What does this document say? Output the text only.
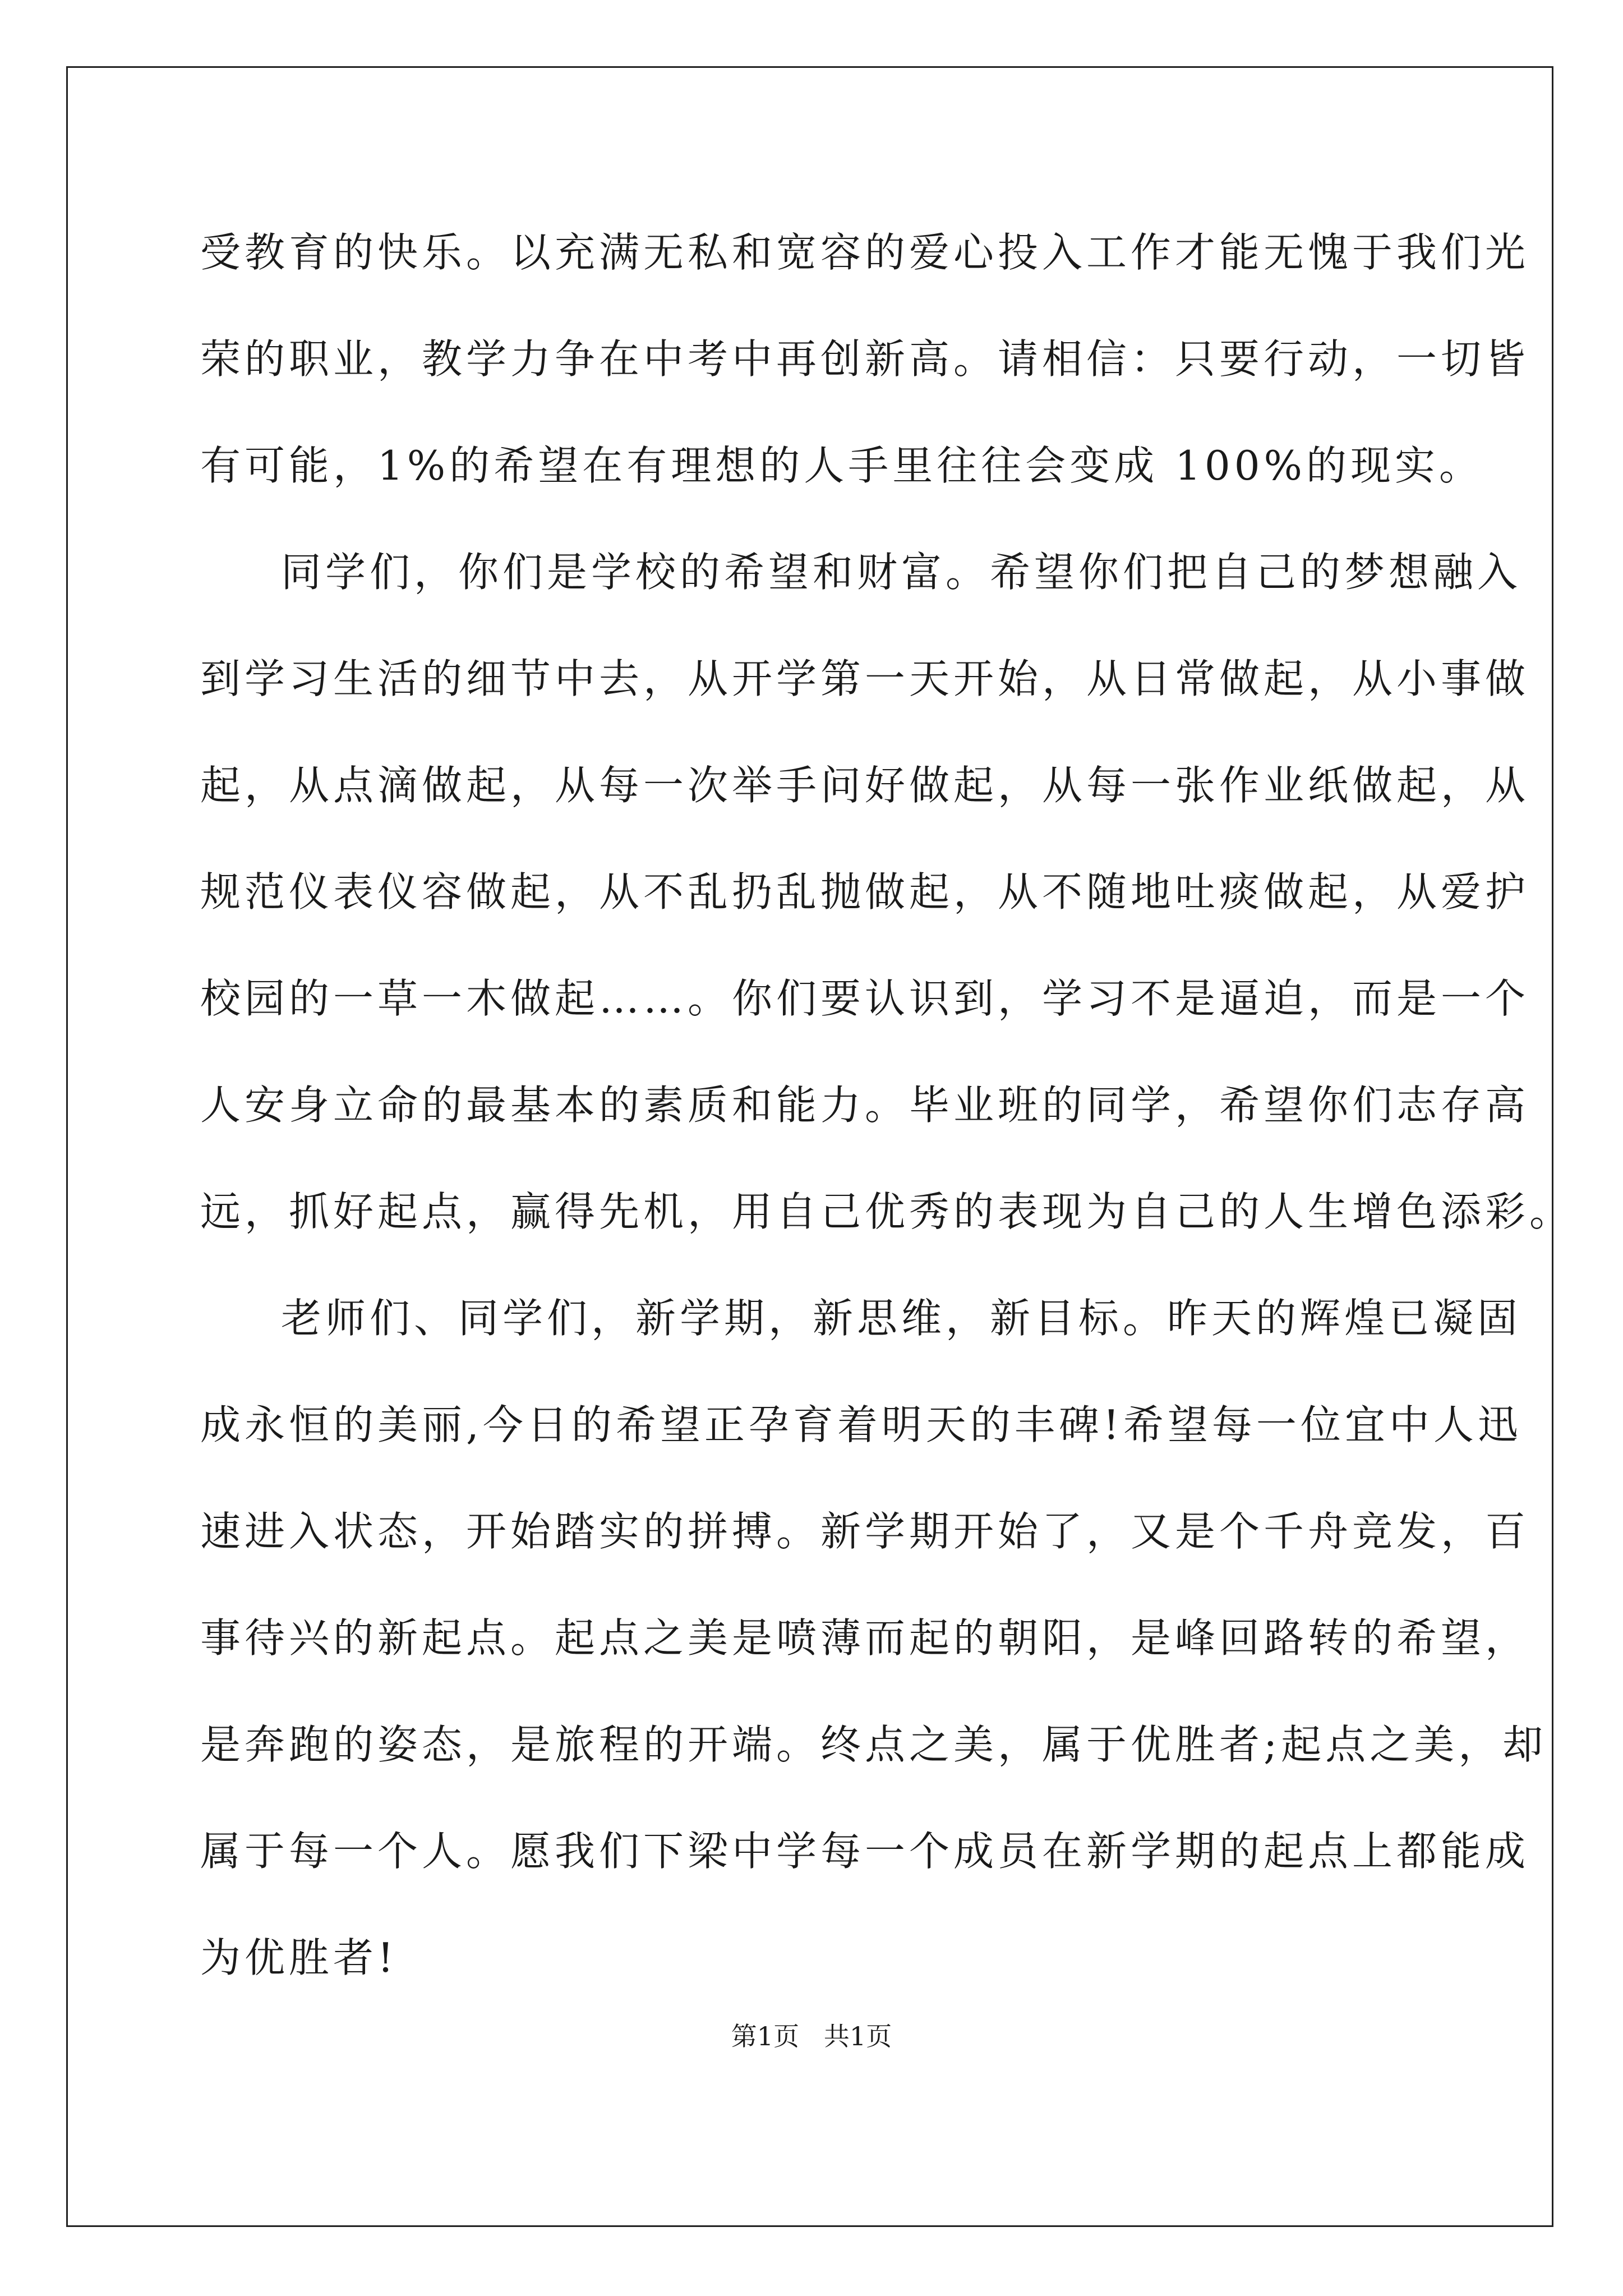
受教育的快乐。以充满无私和宽容的爱心投入工作才能无愧于我们光
荣的职业，教学力争在中考中再创新高。请相信：只要行动，一切皆
有可能，1%的希望在有理想的人手里往往会变成 100%的现实。
同学们，你们是学校的希望和财富。希望你们把自己的梦想融入
到学习生活的细节中去，从开学第一天开始，从日常做起，从小事做
起，从点滴做起，从每一次举手问好做起，从每一张作业纸做起，从
规范仪表仪容做起，从不乱扔乱抛做起，从不随地吐痰做起，从爱护
校园的一草一木做起……。你们要认识到，学习不是逼迫，而是一个
人安身立命的最基本的素质和能力。毕业班的同学，希望你们志存高
远，抓好起点，赢得先机，用自己优秀的表现为自己的人生增色添彩。
老师们、同学们，新学期，新思维，新目标。昨天的辉煌已凝固
成永恒的美丽,今日的希望正孕育着明天的丰碑!希望每一位宜中人迅
速进入状态，开始踏实的拼搏。新学期开始了，又是个千舟竞发，百
事待兴的新起点。起点之美是喷薄而起的朝阳，是峰回路转的希望，
是奔跑的姿态，是旅程的开端。终点之美，属于优胜者;起点之美，却
属于每一个人。愿我们下梁中学每一个成员在新学期的起点上都能成
为优胜者!
第1页   共1页
